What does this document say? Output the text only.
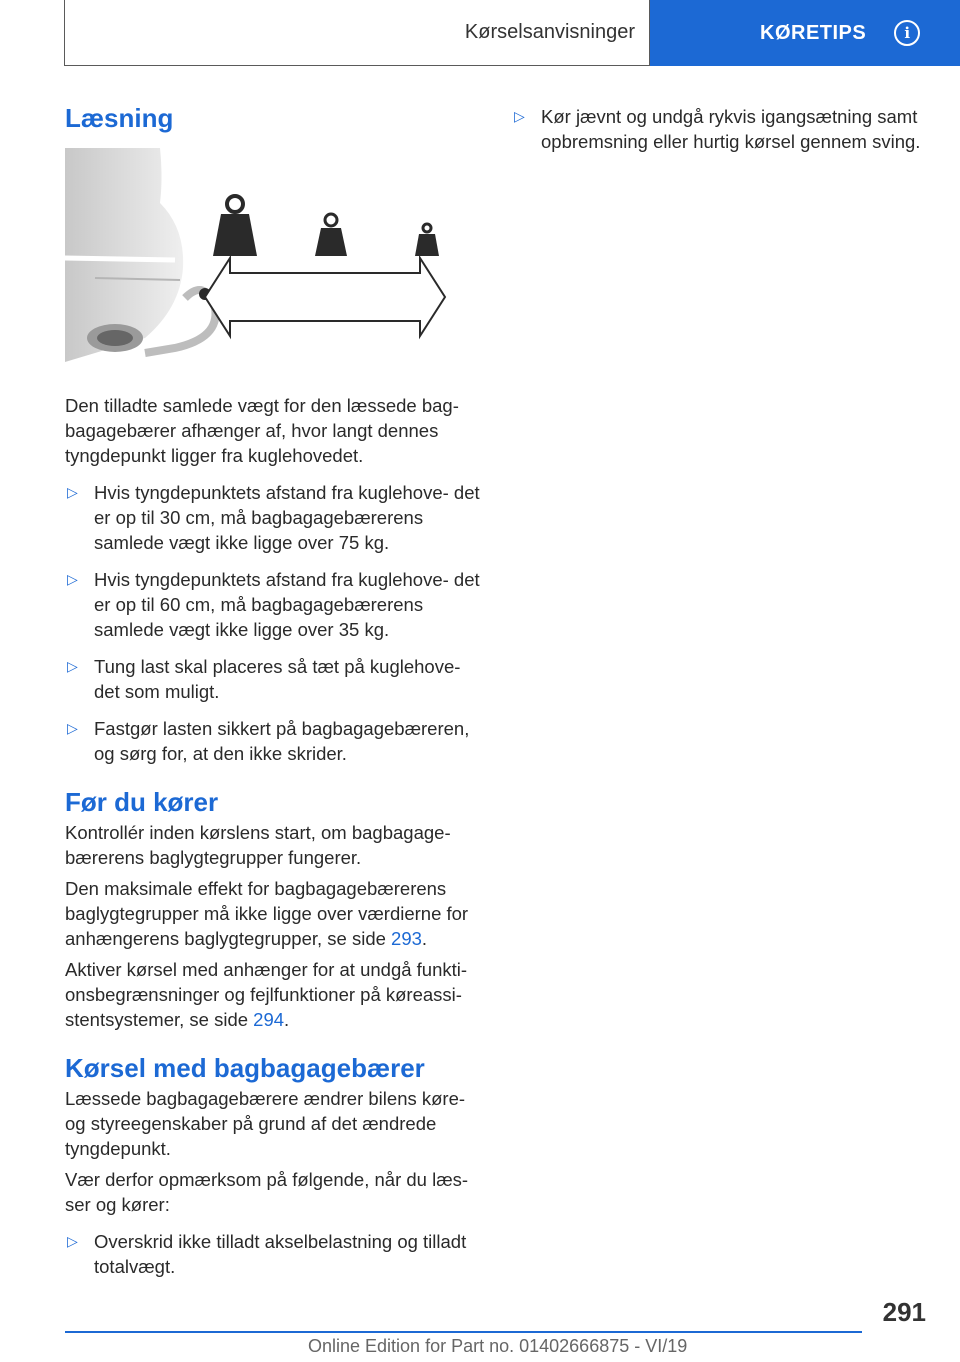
Kørselsanvisninger	KØRETIPS	i
Læsning

Den tilladte samlede vægt for den læssede bag- bagagebærer afhænger af, hvor langt dennes tyngdepunkt ligger fra kuglehovedet.

▷ Hvis tyngdepunktets afstand fra kuglehove- det er op til 30 cm, må bagbagagebærerens samlede vægt ikke ligge over 75 kg.
▷ Hvis tyngdepunktets afstand fra kuglehove- det er op til 60 cm, må bagbagagebærerens samlede vægt ikke ligge over 35 kg.
▷ Tung last skal placeres så tæt på kuglehove- det som muligt.
▷ Fastgør lasten sikkert på bagbagagebæreren, og sørg for, at den ikke skrider.
Før du kører

Kontrollér inden kørslens start, om bagbagage- bærerens baglygtegrupper fungerer.

Den maksimale effekt for bagbagagebærerens baglygtegrupper må ikke ligge over værdierne for anhængerens baglygtegrupper, se side 293.

Aktiver kørsel med anhænger for at undgå funkti- onsbegrænsninger og fejlfunktioner på køreassi- stentsystemer, se side 294.

Kørsel med bagbagagebærer

Læssede bagbagagebærere ændrer bilens køre- og styreegenskaber på grund af det ændrede tyngdepunkt.

Vær derfor opmærksom på følgende, når du læs- ser og kører:

▷ Overskrid ikke tilladt akselbelastning og tilladt totalvægt.
▷ Kør jævnt og undgå rykvis igangsætning samt opbremsning eller hurtig kørsel gennem sving.
291
Online Edition for Part no. 01402666875 - VI/19
